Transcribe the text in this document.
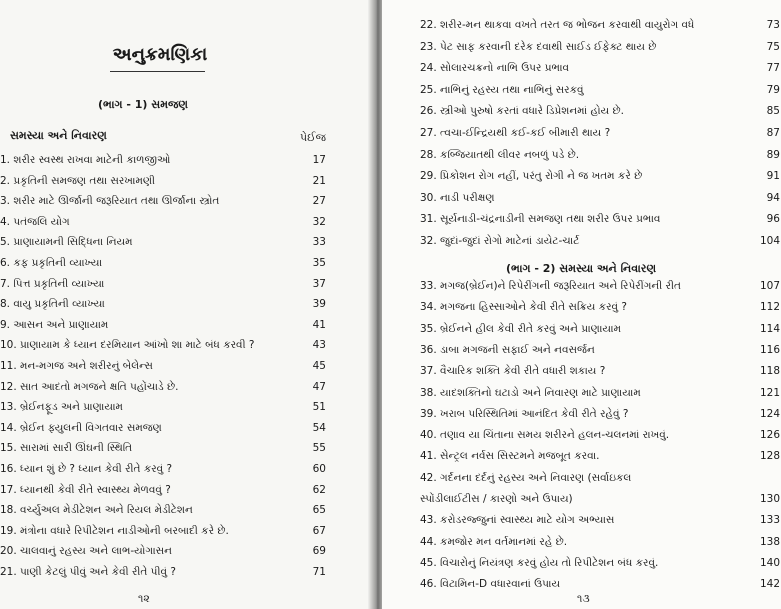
અનુક્રમણિકા
(ભાગ - 1) સમજણ
સમસ્યા અને નિવારણ	પેઈજ
1. શરીર સ્વસ્થ રાખવા માટેની કાળજીઓ	17
2. પ્રકૃતિની સમજણ તથા સરખામણી	21
3. શરીર માટે ઊર્જાની જરૂરિયાત તથા ઊર્જાના સ્ત્રોત	27
4. પતંજલિ યોગ	32
5. પ્રાણાયામની સિદ્ધિના નિયમ	33
6. કફ પ્રકૃતિની વ્યાખ્યા	35
7. પિત્ત પ્રકૃતિની વ્યાખ્યા	37
8. વાયુ પ્રકૃતિની વ્યાખ્યા	39
9. આસન અને પ્રાણાયામ	41
10. પ્રાણાયામ કે ધ્યાન દરમિયાન આંખો શા માટે બંધ કરવી ?	43
11. મન-મગજ અને શરીરનું બેલેન્સ	45
12. સાત આદતો મગજને ક્ષતિ પહોંચાડે છે.	47
13. બ્રેઈનફૂડ અને પ્રાણાયામ	51
14. બ્રેઈન ફ્યુલની વિગતવાર સમજણ	54
15. સારામાં સારી ઊંઘની સ્થિતિ	55
16. ધ્યાન શું છે ? ધ્યાન કેવી રીતે કરવું ?	60
17. ધ્યાનથી કેવી રીતે સ્વાસ્થ્ય મેળવવું ?	62
18. વર્ચ્યુઅલ મેડીટેશન અને રિયલ મેડીટેશન	65
19. મંત્રોના વધારે રિપીટેશન નાડીઓની બરબાદી કરે છે.	67
20. ચાલવાનું રહસ્ય અને લાભ-યોગાસન	69
21. પાણી કેટલું પીવું અને કેવી રીતે પીવું ?	71
૧૨
22. શરીર-મન થાકવા વખતે તરત જ ભોજન કરવાથી વાયુરોગ વધે	73
23. પેટ સાફ કરવાની દરેક દવાથી સાઈડ ઈફેક્ટ થાય છે	75
24. સોલારચક્રનો નાભિ ઉપર પ્રભાવ	77
25. નાભિનું રહસ્ય તથા નાભિનું સરકવું	79
26. સ્ત્રીઓ પુરુષો કરતાં વધારે ડિપ્રેશનમાં હોય છે.	85
27. ત્વચા-ઈન્દ્રિયથી કઈ-કઈ બીમારી થાય ?	87
28. કબ્જિયાતથી લીવર નબળું પડે છે.	89
29. પ્રિકોશન રોગ નહીં, પરંતુ રોગી ને જ ખતમ કરે છે	91
30. નાડી પરીક્ષણ	94
31. સૂર્યનાડી-ચંદ્રનાડીની સમજણ તથા શરીર ઉપર પ્રભાવ	96
32. જુદાં-જુદાં રોગો માટેનાં ડાયેટ-ચાર્ટ	104
(ભાગ - 2) સમસ્યા અને નિવારણ
33. મગજ(બ્રેઈન)ને રિપેરીંગની જરૂરિયાત અને રિપેરીંગની રીત	107
34. મગજના હિસ્સાઓને કેવી રીતે સક્રિય કરવું ?	112
35. બ્રેઈનને હીલ કેવી રીતે કરવું અને પ્રાણાયામ	114
36. ડાબા મગજની સફાઈ અને નવસર્જન	116
37. વૈચારિક શક્તિ કેવી રીતે વધારી શકાય ?	118
38. યાદશક્તિનો ઘટાડો અને નિવારણ માટે પ્રાણાયામ	121
39. ખરાબ પરિસ્થિતિમાં આનંદિત કેવી રીતે રહેવું ?	124
40. તણાવ યા ચિંતાના સમય શરીરને હલન-ચલનમાં રાખવું.	126
41. સેન્ટ્રલ નર્વસ સિસ્ટમને મજબૂત કરવા.	128
42. ગર્દનના દર્દનું રહસ્ય અને નિવારણ (સર્વાઇકલ
સ્પોંડીલાઈટીસ / કારણો અને ઉપાય)	130
43. કરોડરજ્જુનાં સ્વાસ્થ્ય માટે યોગ અભ્યાસ	133
44. કમજોર મન વર્તમાનમાં રહે છે.	138
45. વિચારોનું નિયંત્રણ કરવું હોય તો રિપીટેશન બંધ કરવું.	140
46. વિટામિન-D વધારવાનાં ઉપાય	142
૧૩
